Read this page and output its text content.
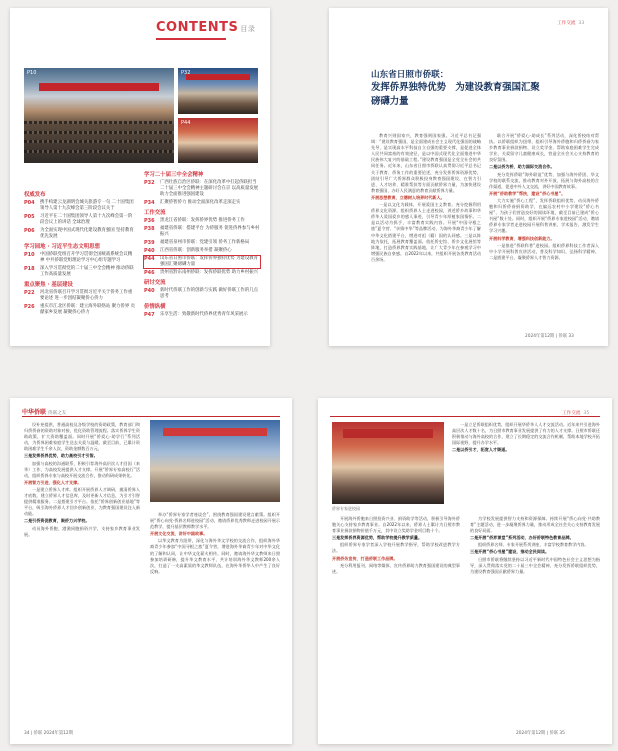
CONTENTS 目录
P10	P32
P44
权威发布
P04	携手构建云龙湖明会城关旅游专一句 二十国集团领导人第十九次峰会第三阶段会议关于
P05	习近平在二十国集团领导人第十九次峰会第一阶段会议上的讲话 全球治理
P06	为全面实现中国式现代化建设教育强国 坚持教育优先发展
学习园地 · 习近平生态文明思想
P10	中国侨联党组召开学习贯彻全国统战系统会议精神 中共侨联党组理论学习中心组专题学习
P18	深入学习贯彻党的二十届三中全会精神 推动侨联工作高质量发展
重点聚焦 · 基层建设
P22	河北省侨联召开学习贯彻习近平关于侨务工作重要论述 进一步团结凝聚侨心侨力
P26	重庆市江北区侨联：建立海外联络站 聚力侨界 贡献家乡发展 凝聚侨心侨力
学习二十届三中全会精神
P32	广西壮族自治区侨联：在深化改革中扛起侨联担当 二十届三中全会精神主题研讨会在京 以高质量发展助力全面推进强国建设
P34	汇聚侨智侨力 推动全面深化改革走深走实
工作交流
P36	黑龙江省侨联：发挥侨界优势 推进侨务工作
P38	福建省侨联：搭建平台 为侨服务 促进侨界参与乡村振兴
P39	福建省泉州市侨联：党建引领 侨务工作新格局
P40	江西省侨联：创新服务举措 凝聚侨心
P44	山东省日照市侨联：发挥侨界独特优势 为建设教育强国汇聚磅礴力量
P46	贵州省黔东南州侨联：发挥侨联优势 助力乡村振兴
研讨交流
P40	新时代侨联工作的创新与实践 做好侨联工作的几点思考
侨情纵横
P47	乐享生活：致敬新时代侨界优秀青年风采展示
工作交流 33
山东省日照市侨联：
发挥侨界独特优势　为建设教育强国汇聚
磅礴力量

教育兴则国家兴，教育强则国家强。习近平总书记强调：“建设教育强国，是全面建成社会主义现代化强国的战略先导，是实现高水平科技自立自强的重要支撑，是促进全体人民共同富裕的有效途径，是以中国式现代化全面推进中华民族伟大复兴的基础工程。”建设教育强国是全党全社会的共同任务。近年来，山东省日照市侨联认真贯彻习近平总书记关于教育、侨务工作的重要论述，充分发挥侨界资源优势，团结引导广大侨界群众积极投身教育强国建设，在智力引进、人才培养、精准帮扶等方面贡献侨界力量，为加快建设教育强国、办好人民满意的教育贡献侨界力量。

开展思想教育，立德树人培养时代新人。

一是以文化为载体，开展爱国主义教育。充分挖掘利用侨界文化资源，组织侨界人士走进校园，讲述侨乡故事和华侨华人爱国爱乡的感人事迹，引导青少年厚植家国情怀。二是以活动为抓手，丰富教育实践内容。开展“中国寻根之旅”夏令营、“亲情中华”等品牌活动，为海外华裔青少年了解中华文化搭建平台，增进对祖（籍）国的认同感。三是以阵地为依托，拓展教育覆盖面。依托侨史馆、侨乡文化展馆等阵地，打造侨界教育实践基地，让广大青少年在参观学习中增强民族自豪感。自2022年以来，共组织开展各类教育活动百余场。

联合开展“侨爱心·助成长”系列活动，深化侨校结对帮扶。以侨联组织为纽带，组织引导海外侨胞和归侨侨眷为家乡教育事业捐款捐物、设立奖学金，帮助家庭困难学生完成学业，关爱留守儿童健康成长，营造全社会关心支持教育的良好氛围。

二是以侨为桥，助力国际交流合作。

充分发挥侨联“海外联谊”优势，加强与海外侨团、华文学校的联系交流，推动教育对外开放，拓展与海外高校的合作渠道，促进中外人文交流，讲好中国教育故事。

开展“侨助教学”帮扶，建设“侨心书屋”。

大力实施“侨心工程”，发挥侨联组织优势，动员海外侨胞和归侨侨眷捐资助学，在偏远农村中小学建设“侨心书屋”，为孩子们营造良好的阅读环境，截至目前已建成“侨心书屋”数十处。同时，组织开展“侨界专家进校园”活动，邀请侨界专家学者走进校园开展科普讲座、学术报告，激发学生学习兴趣。

开展科学教育，增强科技创新能力。

一是推进“侨联科普”进校园。组织侨界科技工作者深入中小学开展科普宣讲活动，普及科学知识，弘扬科学精神。二是搭建平台，凝聚侨界人才智力资源。

2024年第12期 | 侨联 33
中华侨联 侨联之友

设补充提供，普通高校及各级学校的资助政策，教育部门和归侨侨眷的资助对象对接，优化资助管理流程。落实侨界学生资助政策，扩大资助覆盖面。同时开展“侨爱心·助学行”系列活动，为侨界困难家庭学生送去关爱与温暖。截至目前，已累计资助困难学生千余人次，资助金额数百万元。

三是发挥侨界优势，助力高校引才引智。

加强与高校的沟通联系，积极引荐海外高层次人才回国（来华）工作，为高校发展提供人才支撑。开展“侨界专家高校行”活动，组织侨界专家与高校开展交流合作，推动科研成果转化。

开展智力引进，强化人才支撑。

一是建立侨界人才库。组织开展侨界人才调研，摸清侨界人才底数，建立侨界人才信息库，及时更新人才信息，为引才引智提供精准服务。二是搭建引才平台。依托“侨界创新创业基地”等平台，吸引海外侨界人才回乡创新创业，为教育强国建设注入新动能。

二是引侨资促教育，聚侨力兴学校。

动员海外侨胞、港澳同胞捐资兴学，支持家乡教育事业发展。

举办“侨界专家学者座谈会”，围绕教育强国建设建言献策。组织开展“侨心向党·侨界名师进校园”活动，邀请侨界优秀教师走进校园开展示范教学，提升基层教师教学水平。

开展文化交流，讲好中国故事。

以华文教育为纽带，深化与海外华文学校的交流合作，组织海外华裔青少年参加“中国寻根之旅”夏令营，增进海外华裔青少年对中华文化的了解和认同，让中华文化薪火相传。同时，邀请海外华文教师来日照参加培训研修，提升华文教育水平，共计培训海外华文教师200余人次，打造了一支高素质的华文教师队伍，在海外华侨华人中产生了良好反响。

34 | 侨联 2024年第12期
工作交流 35
侨界专家进校园

一是立足侨联组织优势，组织开展华侨华人人才交流活动。近年来共引进海外高层次人才数十名，为日照市教育事业发展提供了有力的人才支撑。日照市侨联还积极推动与海外高校的合作，建立了长期稳定的交流合作机制，帮助本地学校开拓国际视野，提升办学水平。

二是以侨引才，拓宽人才渠道。

开展海外侨胞来日照投资兴业、捐资助学等活动，积极引导海外侨胞关心支持家乡教育事业。自2022年以来，侨界人士累计为日照市教育事业捐款捐物价值千万元，其中设立奖助学金项目数十个。

三是发挥侨界资源优势，帮助学校提升教学质量。

组织侨界专家学者深入学校开展教学指导，帮助学校改进教学方法。

开展侨务宣传，打造侨联工作品牌。

充分利用报刊、网络等媒体，宣传侨界助力教育强国建设的典型事迹。

为学校发展提供智力支持和资源保障。持续开展“侨心向党·共助教育”主题活动，进一步凝聚侨界力量，推动形成全社会关心支持教育发展的良好局面。

二是开展“侨界课堂”系列活动，办好侨联特色教育品牌。

组织侨界名师、专家开展系列讲座，丰富学校教育教学内容。

三是开展“侨心书屋”建设，推动全民阅读。

日照市侨联将继续坚持以习近平新时代中国特色社会主义思想为指导，深入贯彻落实党的二十届三中全会精神，充分发挥侨联组织优势，为建设教育强国贡献侨界力量。

2024年第12期 | 侨联 35
